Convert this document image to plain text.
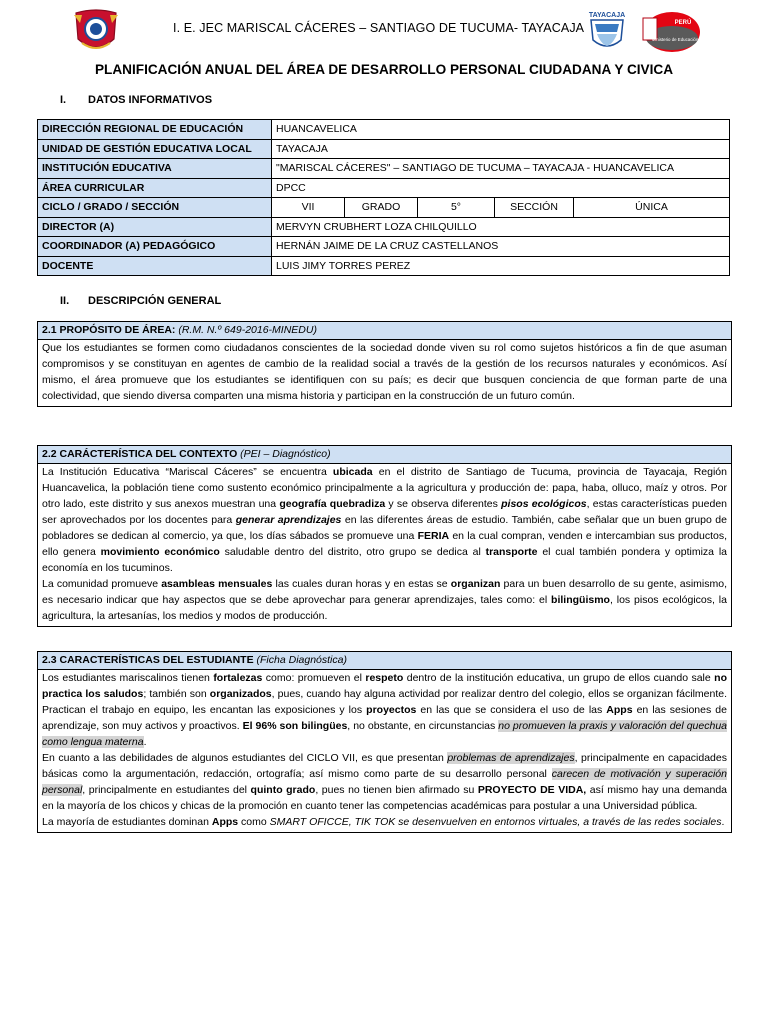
I. E. JEC MARISCAL CÁCERES – SANTIAGO DE TUCUMA- TAYACAJA
TAYACAJA
PERÚ
Ministerio de Educación
PLANIFICACIÓN ANUAL DEL ÁREA DE DESARROLLO PERSONAL CIUDADANA Y CIVICA
I. DATOS INFORMATIVOS
DIRECCIÓN REGIONAL DE EDUCACIÓN	HUANCAVELICA				
UNIDAD DE GESTIÓN EDUCATIVA LOCAL	TAYACAJA				
INSTITUCIÓN EDUCATIVA	"MARISCAL CÁCERES" – SANTIAGO DE TUCUMA – TAYACAJA - HUANCAVELICA				
ÁREA CURRICULAR	DPCC				
CICLO / GRADO / SECCIÓN	VII	GRADO	5°	SECCIÓN	ÚNICA
DIRECTOR (A)	MERVYN CRUBHERT LOZA CHILQUILLO				
COORDINADOR (A) PEDAGÓGICO	HERNÁN JAIME DE LA CRUZ CASTELLANOS				
DOCENTE	LUIS JIMY TORRES PEREZ				
II. DESCRIPCIÓN GENERAL
2.1 PROPÓSITO DE ÁREA: (R.M. N.º 649-2016-MINEDU)

Que los estudiantes se formen como ciudadanos conscientes de la sociedad donde viven su rol como sujetos históricos a fin de que asuman compromisos y se constituyan en agentes de cambio de la realidad social a través de la gestión de los recursos naturales y económicos. Así mismo, el área promueve que los estudiantes se identifiquen con su país; es decir que busquen conciencia de que forman parte de una colectividad, que siendo diversa comparten una misma historia y participan en la construcción de un futuro común.

2.2 CARÁCTERÍSTICA DEL CONTEXTO (PEI – Diagnóstico)

La Institución Educativa “Mariscal Cáceres” se encuentra ubicada en el distrito de Santiago de Tucuma, provincia de Tayacaja, Región Huancavelica, la población tiene como sustento económico principalmente a la agricultura y producción de: papa, haba, olluco, maíz y otros. Por otro lado, este distrito y sus anexos muestran una geografía quebradiza y se observa diferentes pisos ecológicos, estas características pueden ser aprovechados por los docentes para generar aprendizajes en las diferentes áreas de estudio. También, cabe señalar que un buen grupo de pobladores se dedican al comercio, ya que, los días sábados se promueve una FERIA en la cual compran, venden e intercambian sus productos, ello genera movimiento económico saludable dentro del distrito, otro grupo se dedica al transporte el cual también pondera y optimiza la economía en los tucuminos.

La comunidad promueve asambleas mensuales las cuales duran horas y en estas se organizan para un buen desarrollo de su gente, asimismo, es necesario indicar que hay aspectos que se debe aprovechar para generar aprendizajes, tales como: el bilingüismo, los pisos ecológicos, la agricultura, la artesanías, los medios y modos de producción.

2.3 CARACTERÍSTICAS DEL ESTUDIANTE (Ficha Diagnóstica)

Los estudiantes mariscalinos tienen fortalezas como: promueven el respeto dentro de la institución educativa, un grupo de ellos cuando sale no practica los saludos; también son organizados, pues, cuando hay alguna actividad por realizar dentro del colegio, ellos se organizan fácilmente. Practican el trabajo en equipo, les encantan las exposiciones y los proyectos en las que se considera el uso de las Apps en las sesiones de aprendizaje, son muy activos y proactivos. El 96% son bilingües, no obstante, en circunstancias no promueven la praxis y valoración del quechua como lengua materna.

En cuanto a las debilidades de algunos estudiantes del CICLO VII, es que presentan problemas de aprendizajes, principalmente en capacidades básicas como la argumentación, redacción, ortografía; así mismo como parte de su desarrollo personal carecen de motivación y superación personal, principalmente en estudiantes del quinto grado, pues no tienen bien afirmado su PROYECTO DE VIDA, así mismo hay una demanda en la mayoría de los chicos y chicas de la promoción en cuanto tener las competencias académicas para postular a una Universidad pública.

La mayoría de estudiantes dominan Apps como SMART OFICCE, TIK TOK se desenvuelven en entornos virtuales, a través de las redes sociales.
